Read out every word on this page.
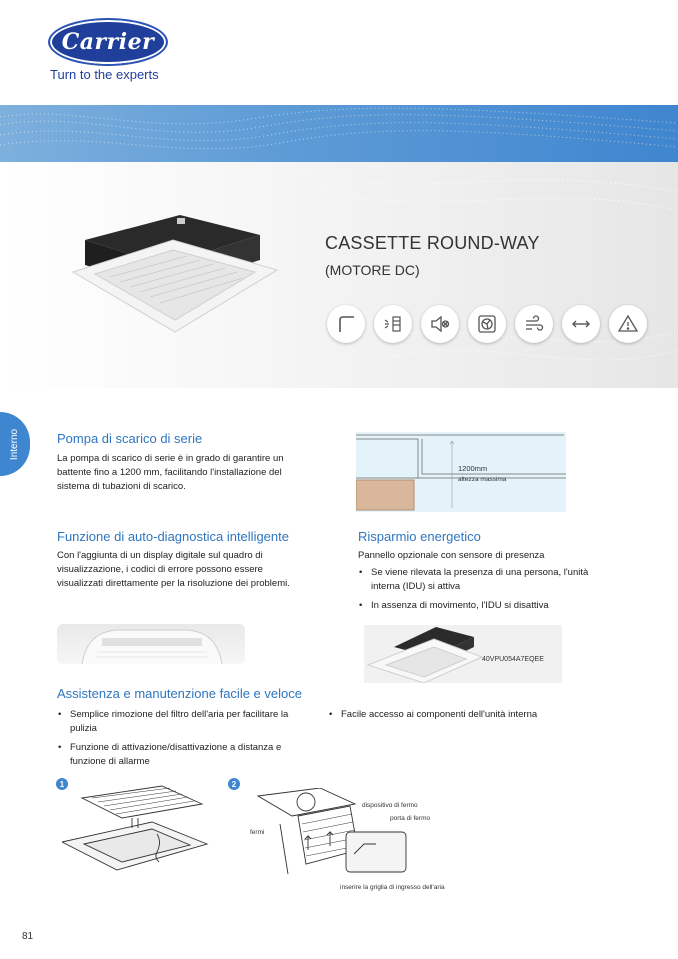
Carrier
Turn to the experts
CASSETTE ROUND-WAY
(MOTORE DC)
Interno	Pompa di scarico di serie

La pompa di scarico di serie è in grado di garantire un
battente fino a 1200 mm, facilitando l'installazione del
sistema di tubazioni di scarico.

1200mm
altezza massima
Funzione di auto-diagnostica intelligente

Con l'aggiunta di un display digitale sul quadro di
visualizzazione, i codici di errore possono essere
visualizzati direttamente per la risoluzione dei problemi.

Risparmio energetico

Pannello opzionale con sensore di presenza

• Se viene rilevata la presenza di una persona, l'unità interna (IDU) si attiva
• In assenza di movimento, l'IDU si disattiva
40VPU054A7EQEE
Assistenza e manutenzione facile e veloce
• Semplice rimozione del filtro dell'aria per facilitare la pulizia
• Funzione di attivazione/disattivazione a distanza e funzione di allarme
• Facile accesso ai componenti dell'unità interna
1	2
dispositivo di fermo
porta di fermo
fermi
inserire la griglia di ingresso dell'aria
81
